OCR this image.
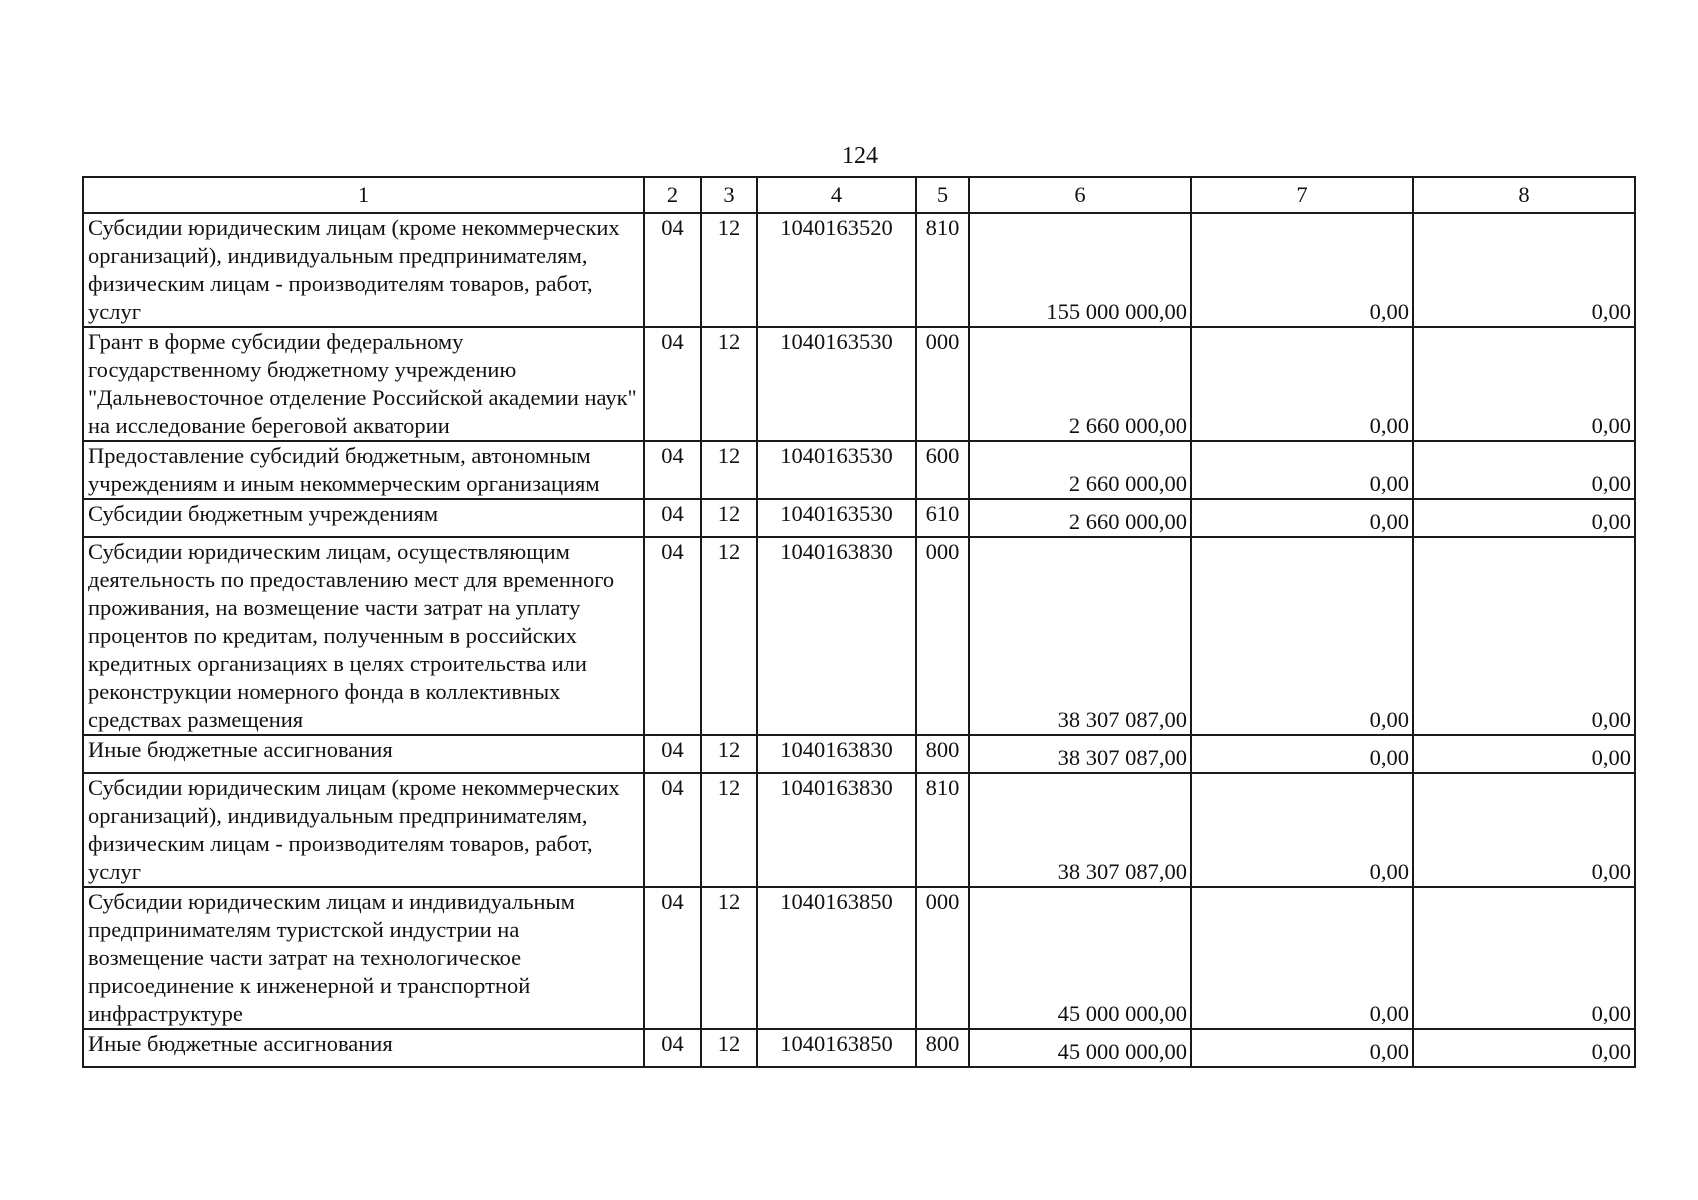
124
1	2	3	4	5	6	7	8
Субсидии юридическим лицам (кроме некоммерческих организаций), индивидуальным предпринимателям, физическим лицам - производителям товаров, работ, услуг	04	12	1040163520	810	155 000 000,00	0,00	0,00
Грант в форме субсидии федеральному государственному бюджетному учреждению "Дальневосточное отделение Российской академии наук" на исследование береговой акватории	04	12	1040163530	000	2 660 000,00	0,00	0,00
Предоставление субсидий бюджетным, автономным учреждениям и иным некоммерческим организациям	04	12	1040163530	600	2 660 000,00	0,00	0,00
Субсидии бюджетным учреждениям	04	12	1040163530	610	2 660 000,00	0,00	0,00
Субсидии юридическим лицам, осуществляющим деятельность по предоставлению мест для временного проживания, на возмещение части затрат на уплату процентов по кредитам, полученным в российских кредитных организациях в целях строительства или реконструкции номерного фонда в коллективных средствах размещения	04	12	1040163830	000	38 307 087,00	0,00	0,00
Иные бюджетные ассигнования	04	12	1040163830	800	38 307 087,00	0,00	0,00
Субсидии юридическим лицам (кроме некоммерческих организаций), индивидуальным предпринимателям, физическим лицам - производителям товаров, работ, услуг	04	12	1040163830	810	38 307 087,00	0,00	0,00
Субсидии юридическим лицам и индивидуальным предпринимателям туристской индустрии на возмещение части затрат на технологическое присоединение к инженерной и транспортной инфраструктуре	04	12	1040163850	000	45 000 000,00	0,00	0,00
Иные бюджетные ассигнования	04	12	1040163850	800	45 000 000,00	0,00	0,00
